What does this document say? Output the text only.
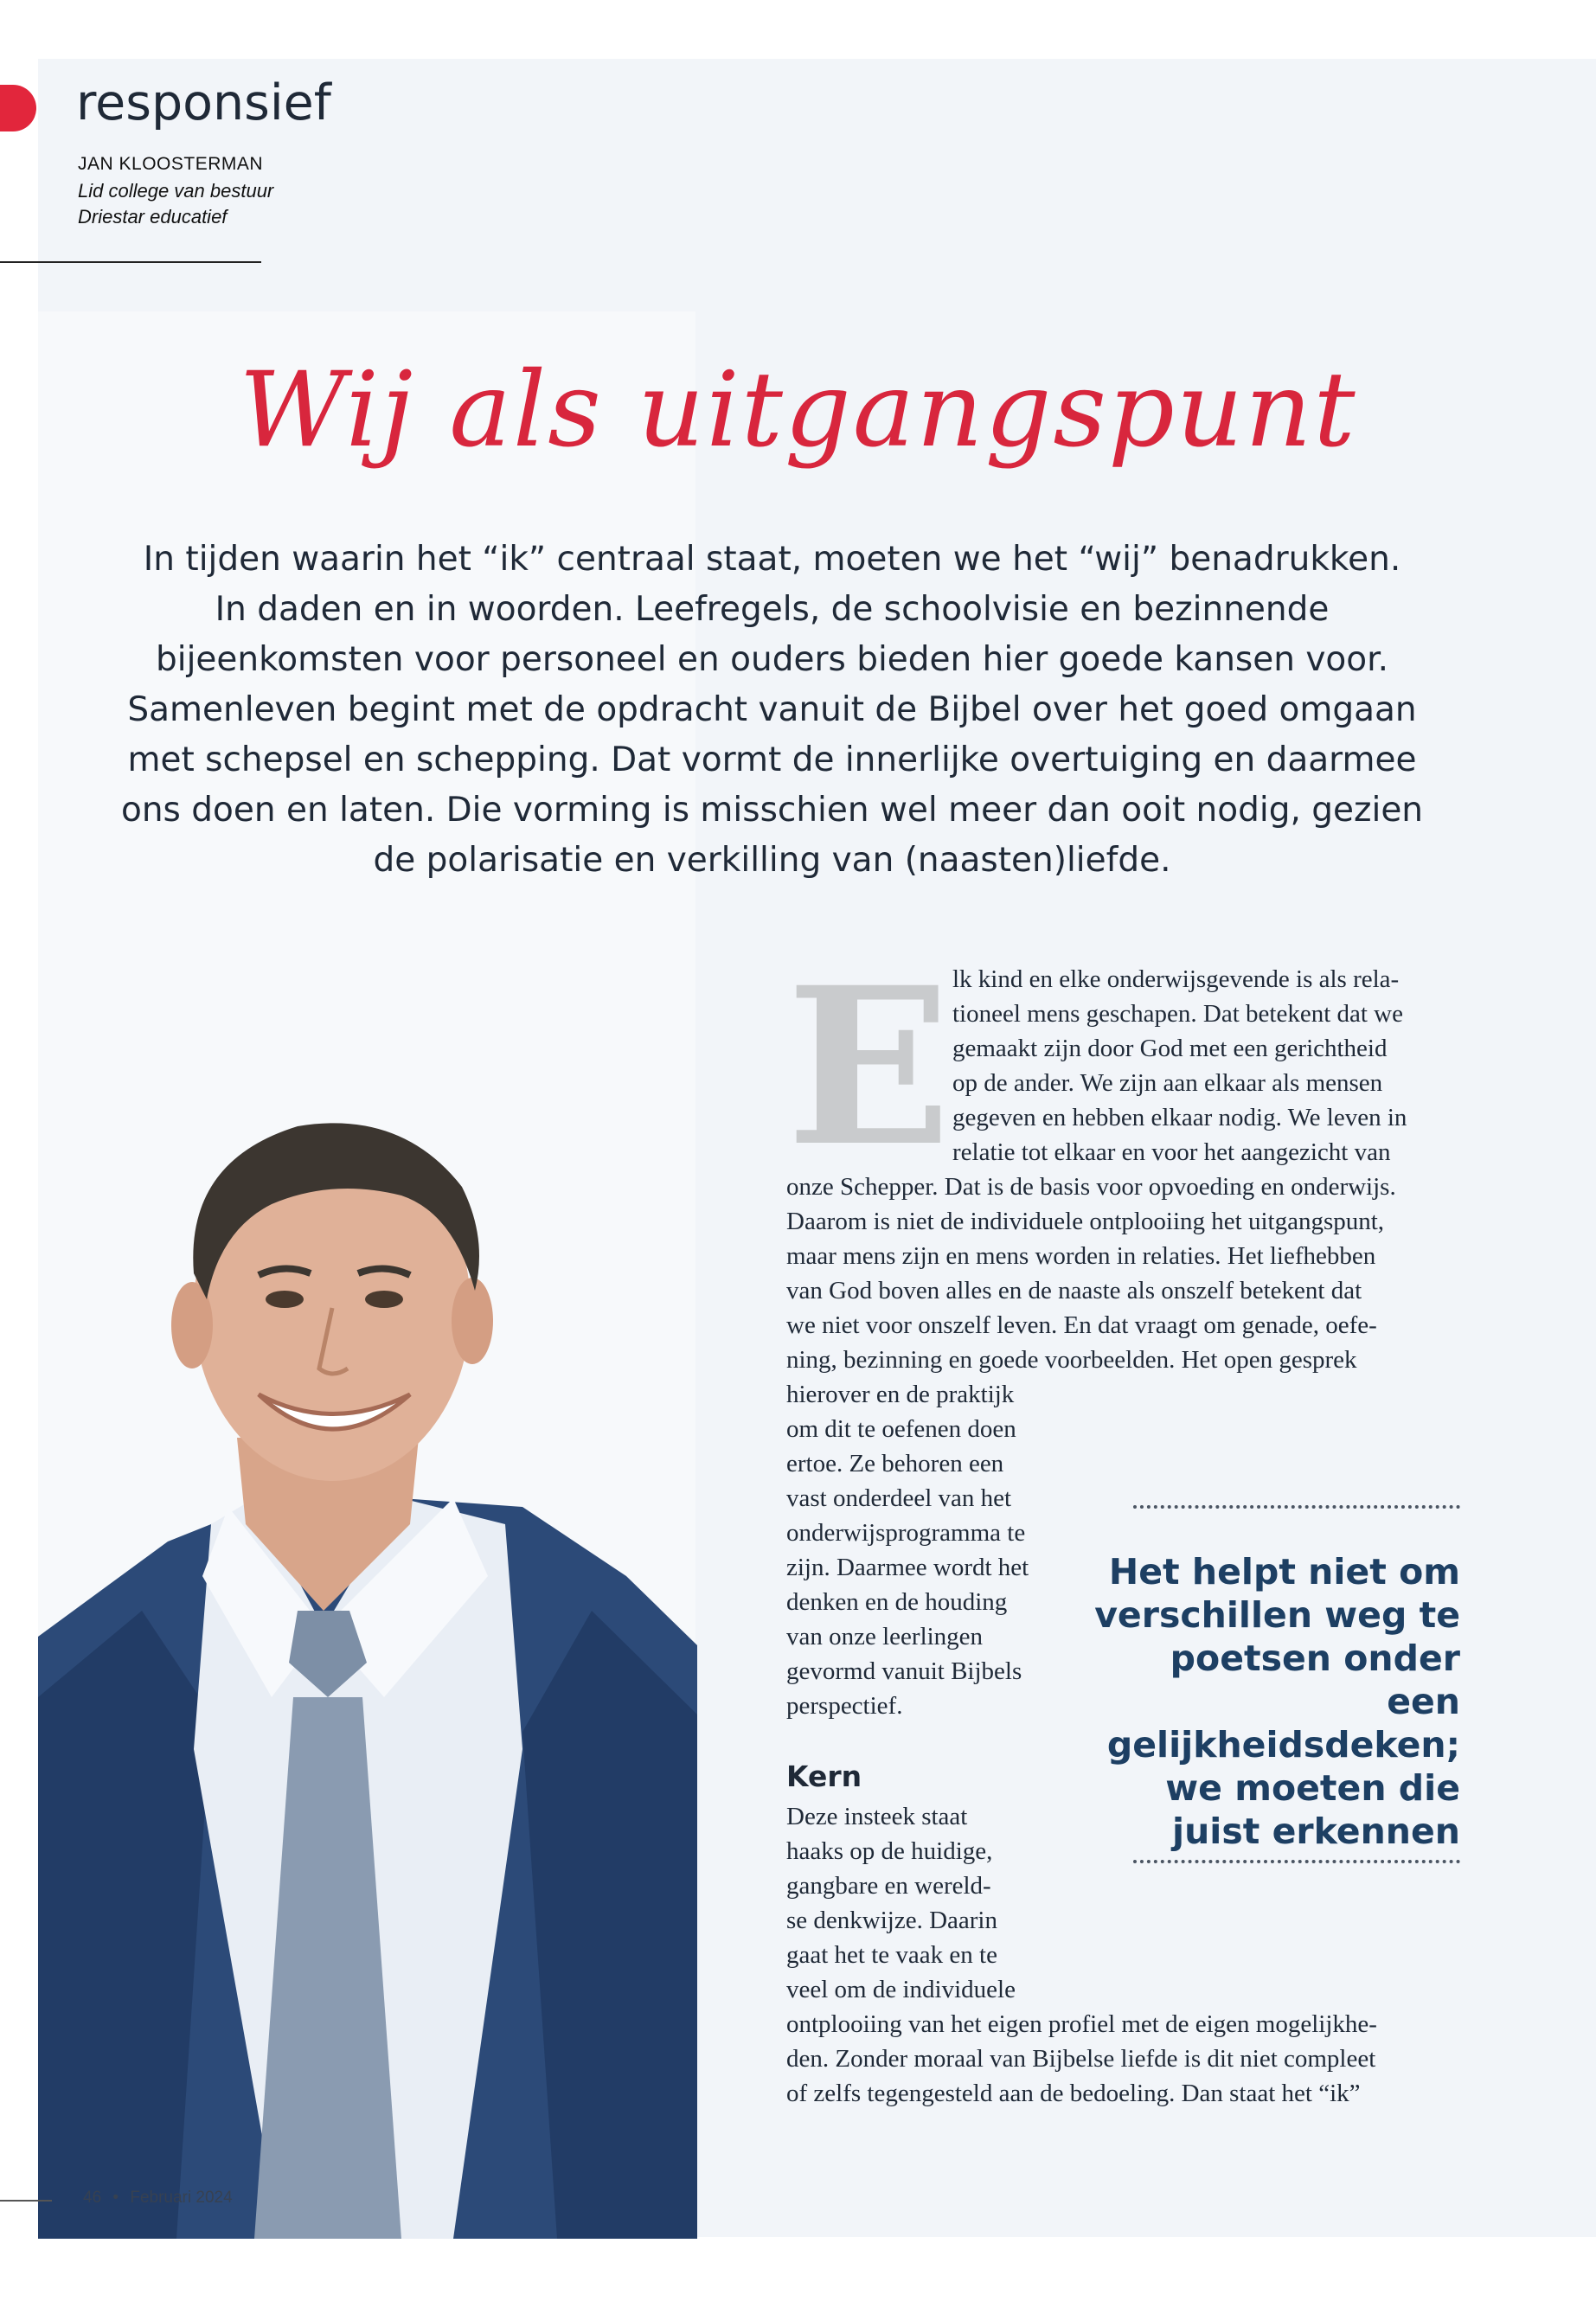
responsief
JAN KLOOSTERMAN
Lid college van bestuur
Driestar educatief
Wij als uitgangspunt
In tijden waarin het “ik” centraal staat, moeten we het “wij” benadrukken.
In daden en in woorden. Leefregels, de schoolvisie en bezinnende
bijeenkomsten voor personeel en ouders bieden hier goede kansen voor.
Samenleven begint met de opdracht vanuit de Bijbel over het goed omgaan
met schepsel en schepping. Dat vormt de innerlijke overtuiging en daarmee
ons doen en laten. Die vorming is misschien wel meer dan ooit nodig, gezien
de polarisatie en verkilling van (naasten)liefde.
E lk kind en elke onderwijsgevende is als rela-
tioneel mens geschapen. Dat betekent dat we
gemaakt zijn door God met een gerichtheid
op de ander. We zijn aan elkaar als mensen
gegeven en hebben elkaar nodig. We leven in
relatie tot elkaar en voor het aangezicht van
onze Schepper. Dat is de basis voor opvoeding en onderwijs.
Daarom is niet de individuele ontplooiing het uitgangspunt,
maar mens zijn en mens worden in relaties. Het liefhebben
van God boven alles en de naaste als onszelf betekent dat
we niet voor onszelf leven. En dat vraagt om genade, oefe-
ning, bezinning en goede voorbeelden. Het open gesprek
hierover en de praktijk
om dit te oefenen doen
ertoe. Ze behoren een
vast onderdeel van het
onderwijsprogramma te
zijn. Daarmee wordt het
denken en de houding
van onze leerlingen
gevormd vanuit Bijbels
perspectief.
Kern
Deze insteek staat
haaks op de huidige,
gangbare en wereld-
se denkwijze. Daarin
gaat het te vaak en te
veel om de individuele
ontplooiing van het eigen profiel met de eigen mogelijkhe-
den. Zonder moraal van Bijbelse liefde is dit niet compleet
of zelfs tegengesteld aan de bedoeling. Dan staat het “ik”
Het helpt niet om
verschillen weg te
poetsen onder een
gelijkheidsdeken;
we moeten die
juist erkennen
46 • Februari 2024
